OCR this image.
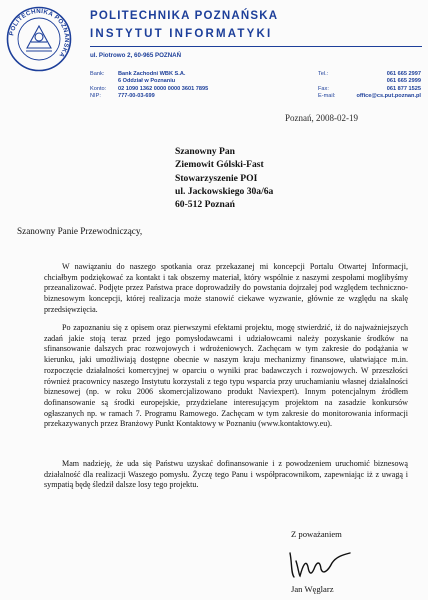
POLITECHNIKA POZNAŃSKA
POLITECHNIKA POZNAŃSKA
INSTYTUT INFORMATYKI
ul. Piotrowo 2, 60-965 POZNAŃ
Bank:

Konto:
NIP:
Bank Zachodni WBK S.A.
6 Oddział w Poznaniu
02 1090 1362 0000 0000 3601 7895
777-00-03-699
Tel.:

Fax:
E-mail:
061 665 2997
061 665 2999
061 877 1525
office@cs.put.poznan.pl
Poznań, 2008-02-19
Szanowny Pan
Ziemowit Gólski-Fast
Stowarzyszenie POI
ul. Jackowskiego 30a/6a
60-512 Poznań
Szanowny Panie Przewodniczący,

W nawiązaniu do naszego spotkania oraz przekazanej mi koncepcji Portalu Otwartej Informacji, chciałbym podziękować za kontakt i tak obszerny materiał, który wspólnie z naszymi zespołami moglibyśmy przeanalizować. Podjęte przez Państwa prace doprowadziły do powstania dojrzałej pod względem techniczno-biznesowym koncepcji, której realizacja może stanowić ciekawe wyzwanie, głównie ze względu na skalę przedsięwzięcia.

Po zapoznaniu się z opisem oraz pierwszymi efektami projektu, mogę stwierdzić, iż do najważniejszych zadań jakie stoją teraz przed jego pomysłodawcami i udziałowcami należy pozyskanie środków na sfinansowanie dalszych prac rozwojowych i wdrożeniowych. Zachęcam w tym zakresie do podążania w kierunku, jaki umożliwiają dostępne obecnie w naszym kraju mechanizmy finansowe, ułatwiające m.in. rozpoczęcie działalności komercyjnej w oparciu o wyniki prac badawczych i rozwojowych. W przeszłości również pracownicy naszego Instytutu korzystali z tego typu wsparcia przy uruchamianiu własnej działalności biznesowej (np. w roku 2006 skomercjalizowano produkt Naviexpert). Innym potencjalnym źródłem dofinansowanie są środki europejskie, przydzielane interesującym projektom na zasadzie konkursów ogłaszanych np. w ramach 7. Programu Ramowego. Zachęcam w tym zakresie do monitorowania informacji przekazywanych przez Branżowy Punkt Kontaktowy w Poznaniu (www.kontaktowy.eu).

Mam nadzieję, że uda się Państwu uzyskać dofinansowanie i z powodzeniem uruchomić biznesową działalność dla realizacji Waszego pomysłu. Życzę tego Panu i współpracownikom, zapewniając iż z uwagą i sympatią będę śledził dalsze losy tego projektu.

Z poważaniem
Jan Węglarz
